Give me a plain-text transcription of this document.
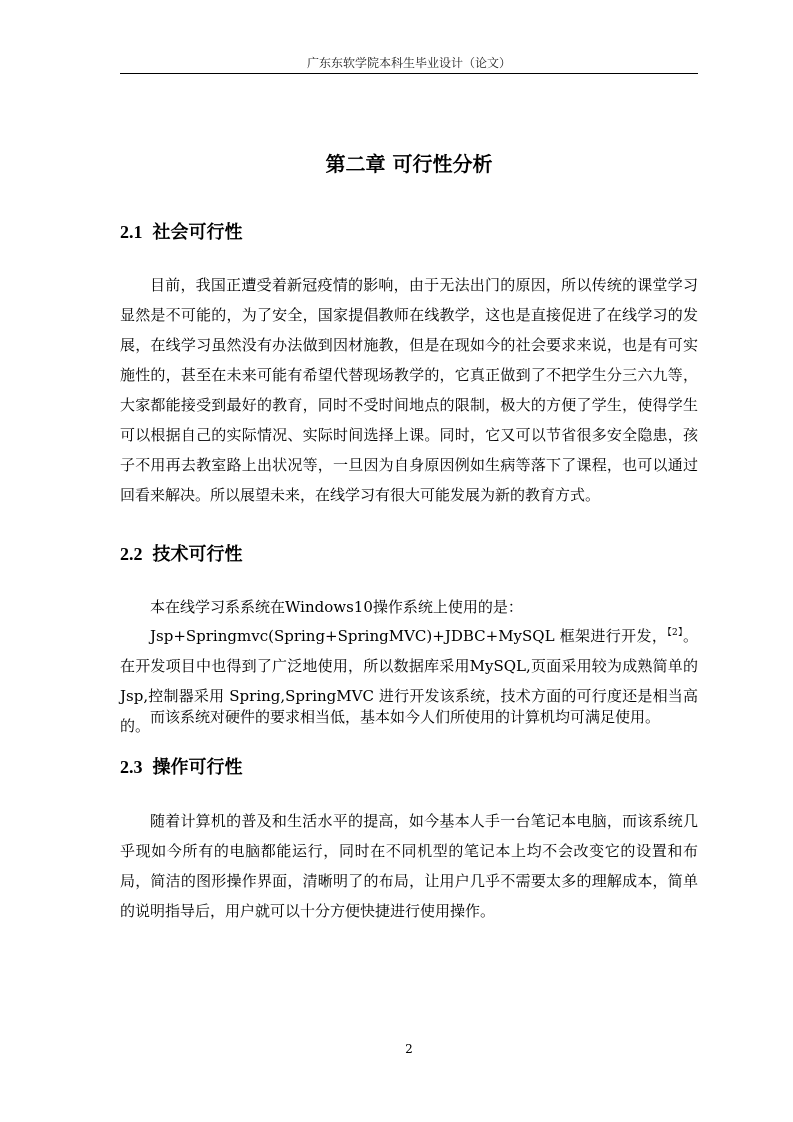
广东东软学院本科生毕业设计（论文）
第二章 可行性分析
2.1 社会可行性

目前，我国正遭受着新冠疫情的影响，由于无法出门的原因，所以传统的课堂学习显然是不可能的，为了安全，国家提倡教师在线教学，这也是直接促进了在线学习的发展，在线学习虽然没有办法做到因材施教，但是在现如今的社会要求来说，也是有可实施性的，甚至在未来可能有希望代替现场教学的，它真正做到了不把学生分三六九等，大家都能接受到最好的教育，同时不受时间地点的限制，极大的方便了学生，使得学生可以根据自己的实际情况、实际时间选择上课。同时，它又可以节省很多安全隐患，孩子不用再去教室路上出状况等，一旦因为自身原因例如生病等落下了课程，也可以通过回看来解决。所以展望未来，在线学习有很大可能发展为新的教育方式。

2.2 技术可行性

本在线学习系系统在Windows10操作系统上使用的是：

Jsp+Springmvc(Spring+SpringMVC)+JDBC+MySQL 框架进行开发，$^{【2】}$。在开发项目中也得到了广泛地使用，所以数据库采用MySQL,页面采用较为成熟简单的 Jsp,控制器采用 Spring,SpringMVC 进行开发该系统，技术方面的可行度还是相当高的。 而该系统对硬件的要求相当低，基本如今人们所使用的计算机均可满足使用。

2.3 操作可行性

随着计算机的普及和生活水平的提高，如今基本人手一台笔记本电脑，而该系统几乎现如今所有的电脑都能运行，同时在不同机型的笔记本上均不会改变它的设置和布局，简洁的图形操作界面，清晰明了的布局，让用户几乎不需要太多的理解成本，简单的说明指导后，用户就可以十分方便快捷进行使用操作。

2
